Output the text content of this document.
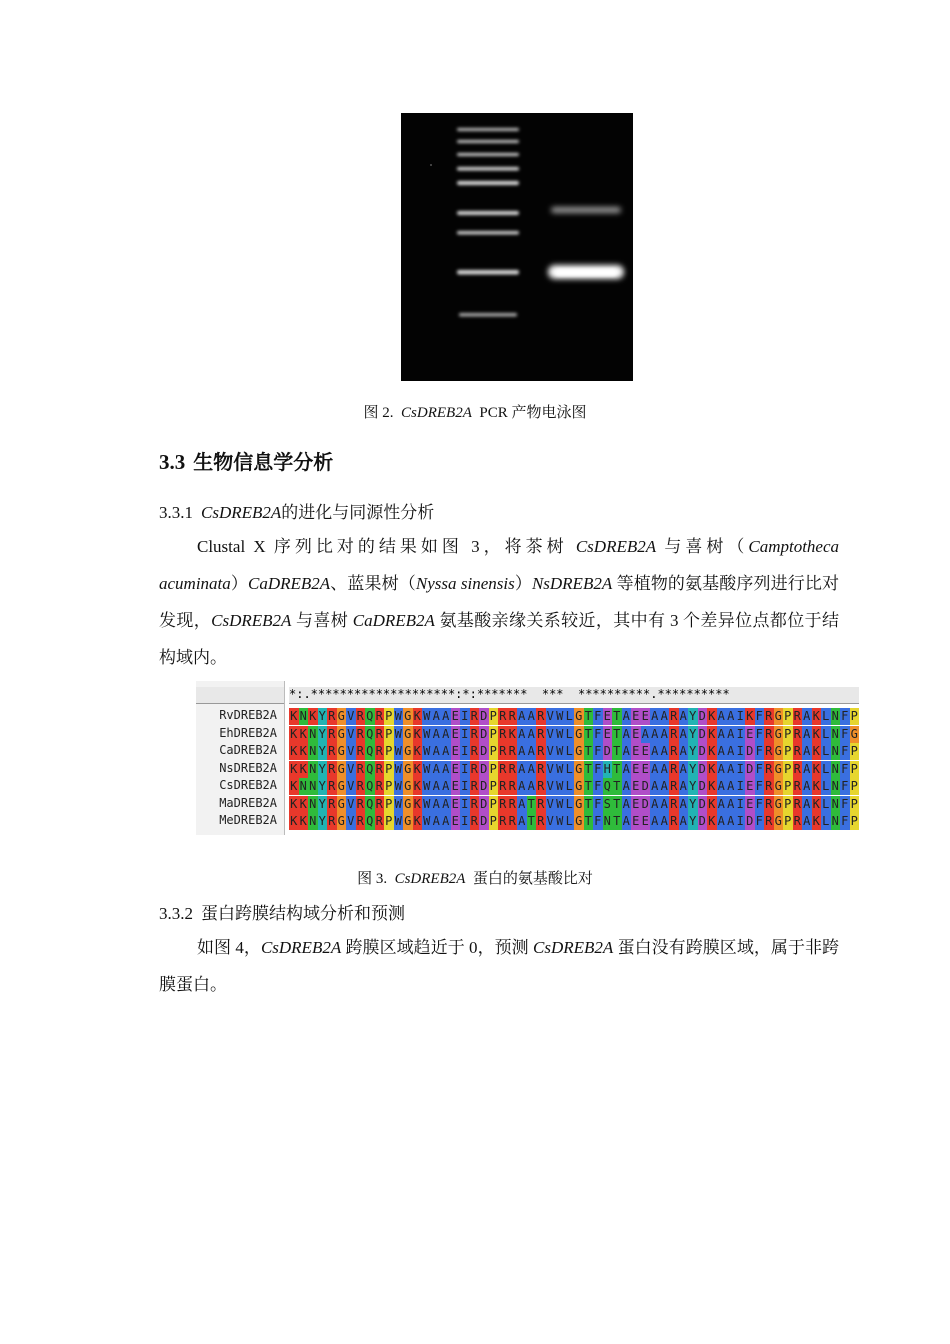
图 2. CsDREB2A PCR 产物电泳图
3.3 生物信息学分析
3.3.1 CsDREB2A的进化与同源性分析
Clustal X 序列比对的结果如图 3，将茶树 CsDREB2A 与喜树（Camptotheca acuminata）CaDREB2A、蓝果树（Nyssa sinensis）NsDREB2A 等植物的氨基酸序列进行比对发现，CsDREB2A 与喜树 CaDREB2A 氨基酸亲缘关系较近，其中有 3 个差异位点都位于结构域内。
RvDREB2A
EhDREB2A
CaDREB2A
NsDREB2A
CsDREB2A
MaDREB2A
MeDREB2A
*:.********************:*:*******  ***  **********.**********
K N K Y R G V R Q R P W G K W A A E I R D P R R A A R V W L G T F E T A E E A A R A Y D K A A I K F R G P R A K L N F P
K K N Y R G V R Q R P W G K W A A E I R D P R K A A R V W L G T F E T A E A A A R A Y D K A A I E F R G P R A K L N F G
K K N Y R G V R Q R P W G K W A A E I R D P R R A A R V W L G T F D T A E E A A R A Y D K A A I D F R G P R A K L N F P
K K N Y R G V R Q R P W G K W A A E I R D P R R A A R V W L G T F H T A E E A A R A Y D K A A I D F R G P R A K L N F P
K N N Y R G V R Q R P W G K W A A E I R D P R R A A R V W L G T F Q T A E D A A R A Y D K A A I E F R G P R A K L N F P
K K N Y R G V R Q R P W G K W A A E I R D P R R A T R V W L G T F S T A E D A A R A Y D K A A I E F R G P R A K L N F P
K K N Y R G V R Q R P W G K W A A E I R D P R R A T R V W L G T F N T A E E A A R A Y D K A A I D F R G P R A K L N F P
图 3. CsDREB2A 蛋白的氨基酸比对
3.3.2 蛋白跨膜结构域分析和预测
如图 4，CsDREB2A 跨膜区域趋近于 0，预测 CsDREB2A 蛋白没有跨膜区域，属于非跨膜蛋白。
